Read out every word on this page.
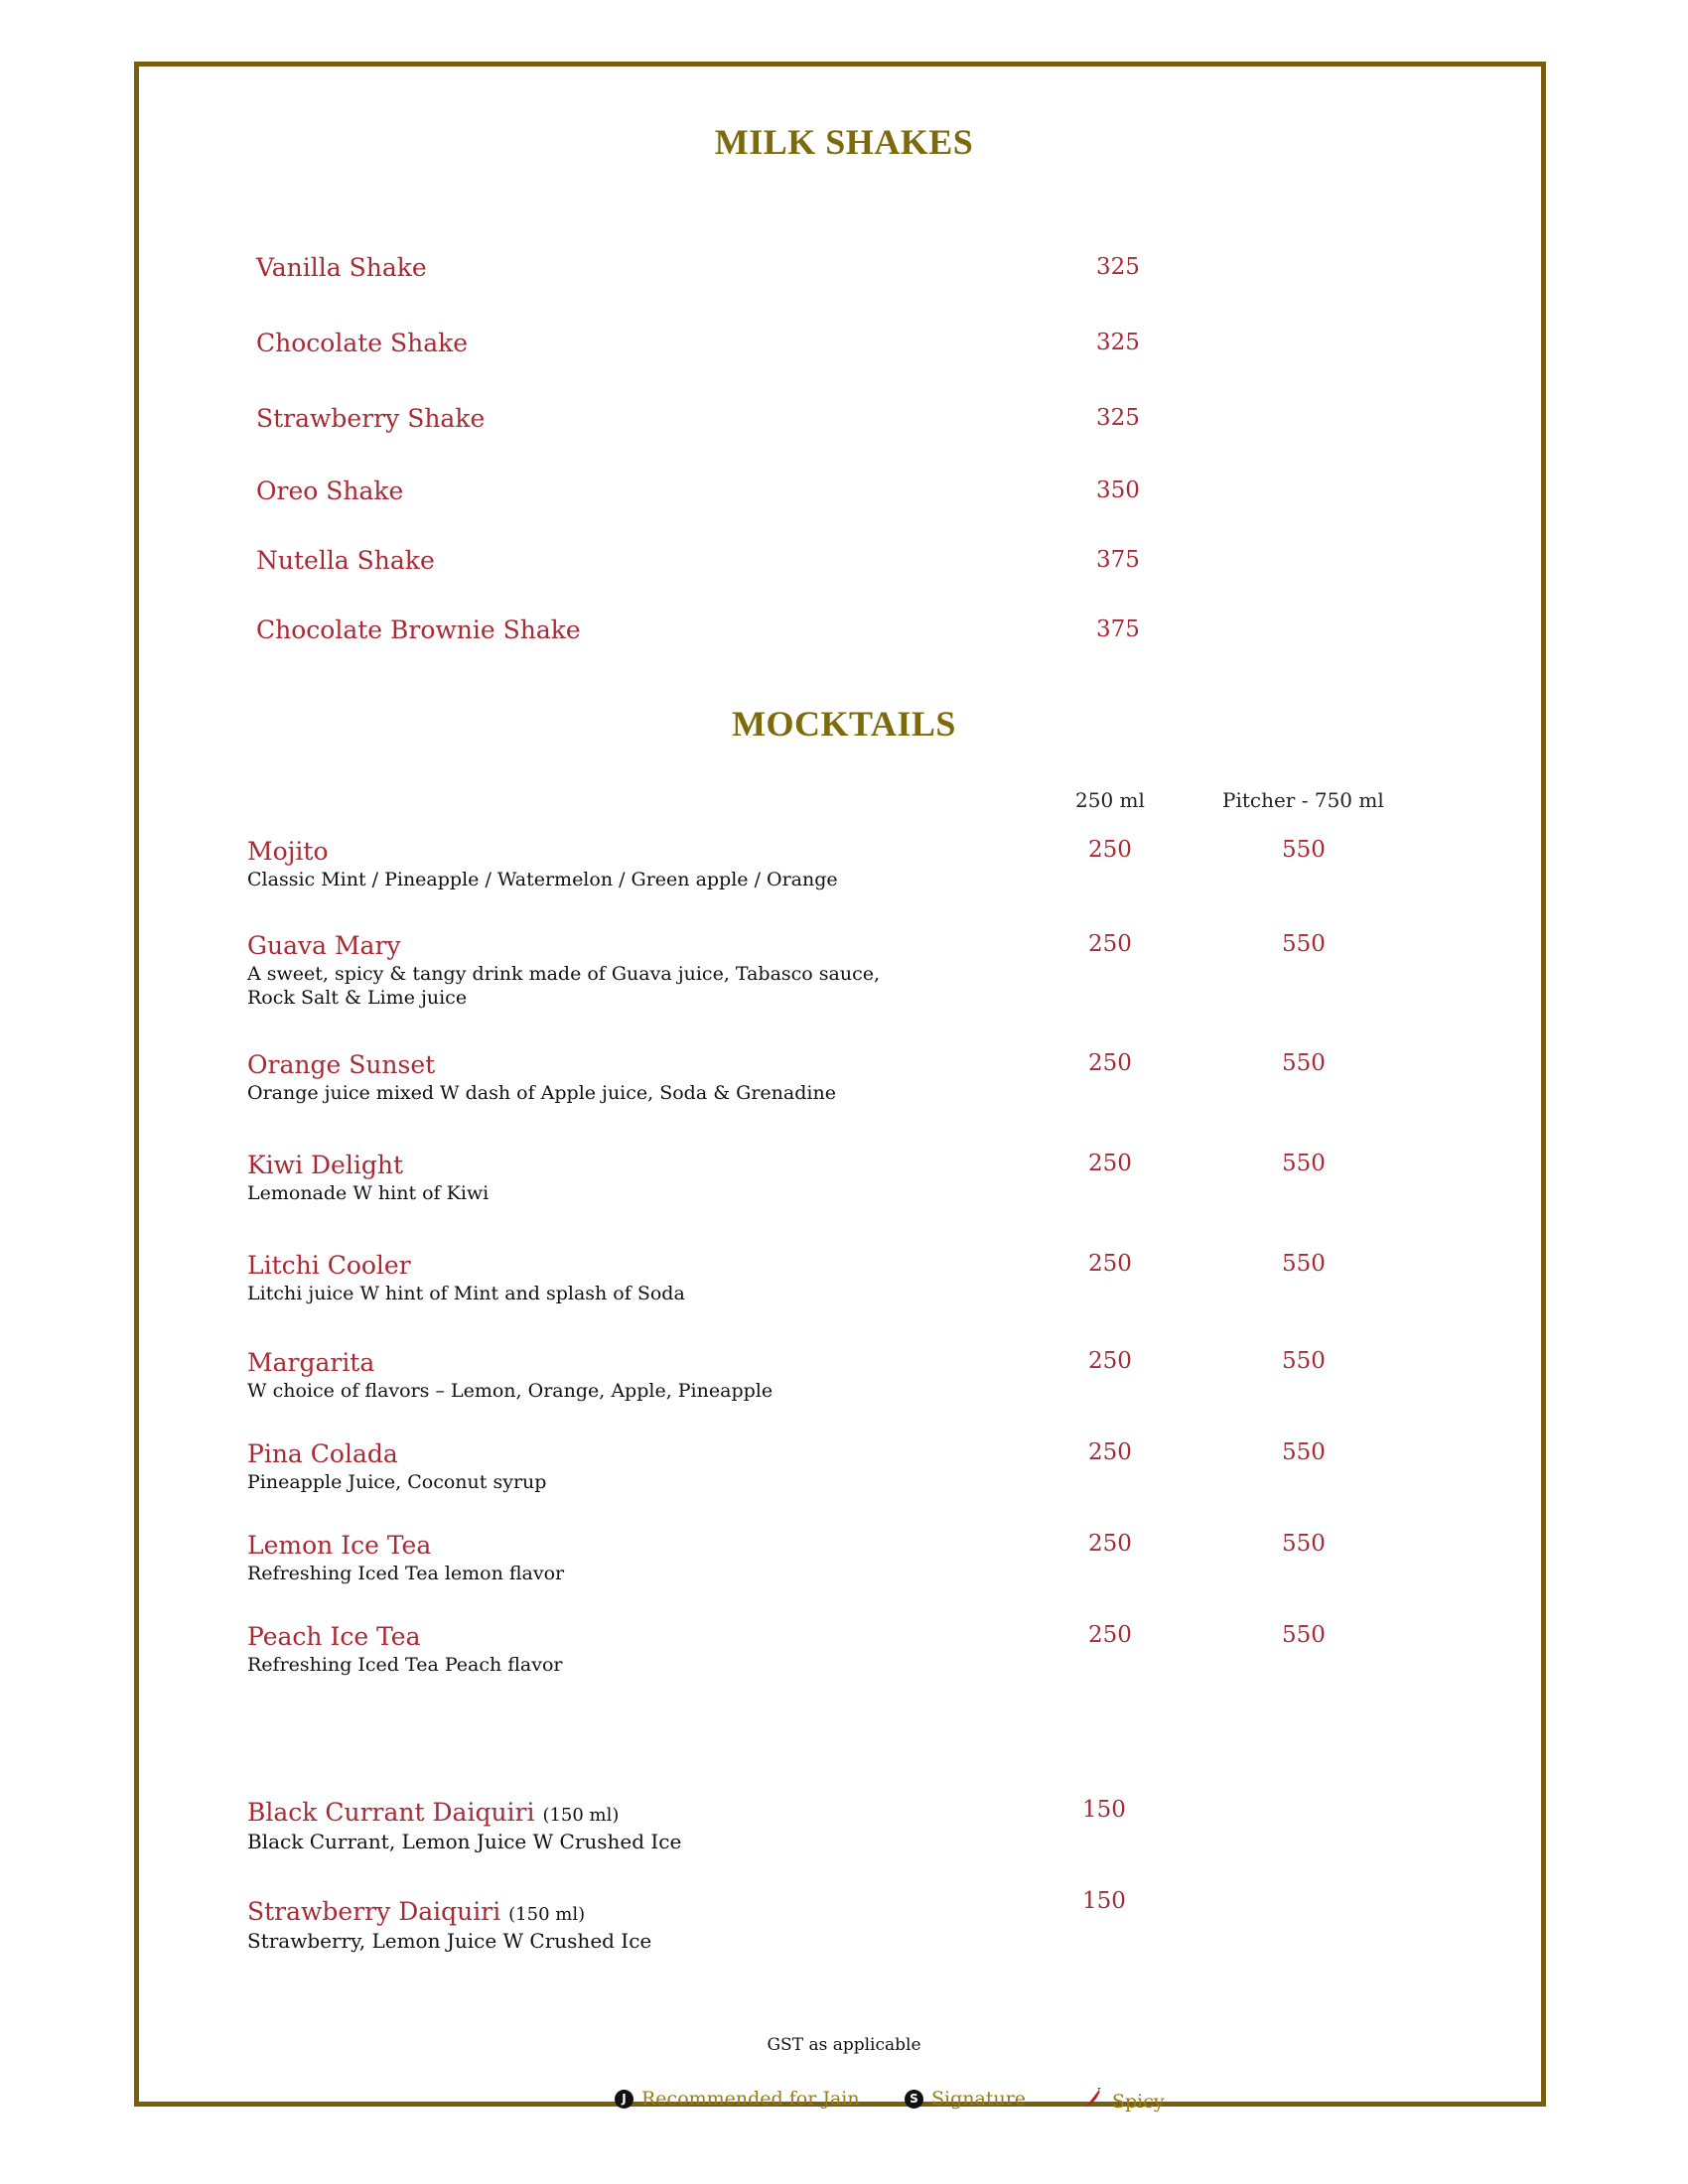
MILK SHAKES
Vanilla Shake	325
Chocolate Shake	325
Strawberry Shake	325
Oreo Shake	350
Nutella Shake	375
Chocolate Brownie Shake	375
MOCKTAILS
250 ml	Pitcher - 750 ml
Mojito
Classic Mint / Pineapple / Watermelon / Green apple / Orange
250	550
Guava Mary
A sweet, spicy & tangy drink made of Guava juice, Tabasco sauce,
Rock Salt & Lime juice
250	550
Orange Sunset
Orange juice mixed W dash of Apple juice, Soda & Grenadine
250	550
Kiwi Delight
Lemonade W hint of Kiwi
250	550
Litchi Cooler
Litchi juice W hint of Mint and splash of Soda
250	550
Margarita
W choice of flavors – Lemon, Orange, Apple, Pineapple
250	550
Pina Colada
Pineapple Juice, Coconut syrup
250	550
Lemon Ice Tea
Refreshing Iced Tea lemon flavor
250	550
Peach Ice Tea
Refreshing Iced Tea Peach flavor
250	550
Black Currant Daiquiri (150 ml)
Black Currant, Lemon Juice W Crushed Ice
150
Strawberry Daiquiri (150 ml)
Strawberry, Lemon Juice W Crushed Ice
150
GST as applicable
J Recommended for Jain	S Signature	Spicy
